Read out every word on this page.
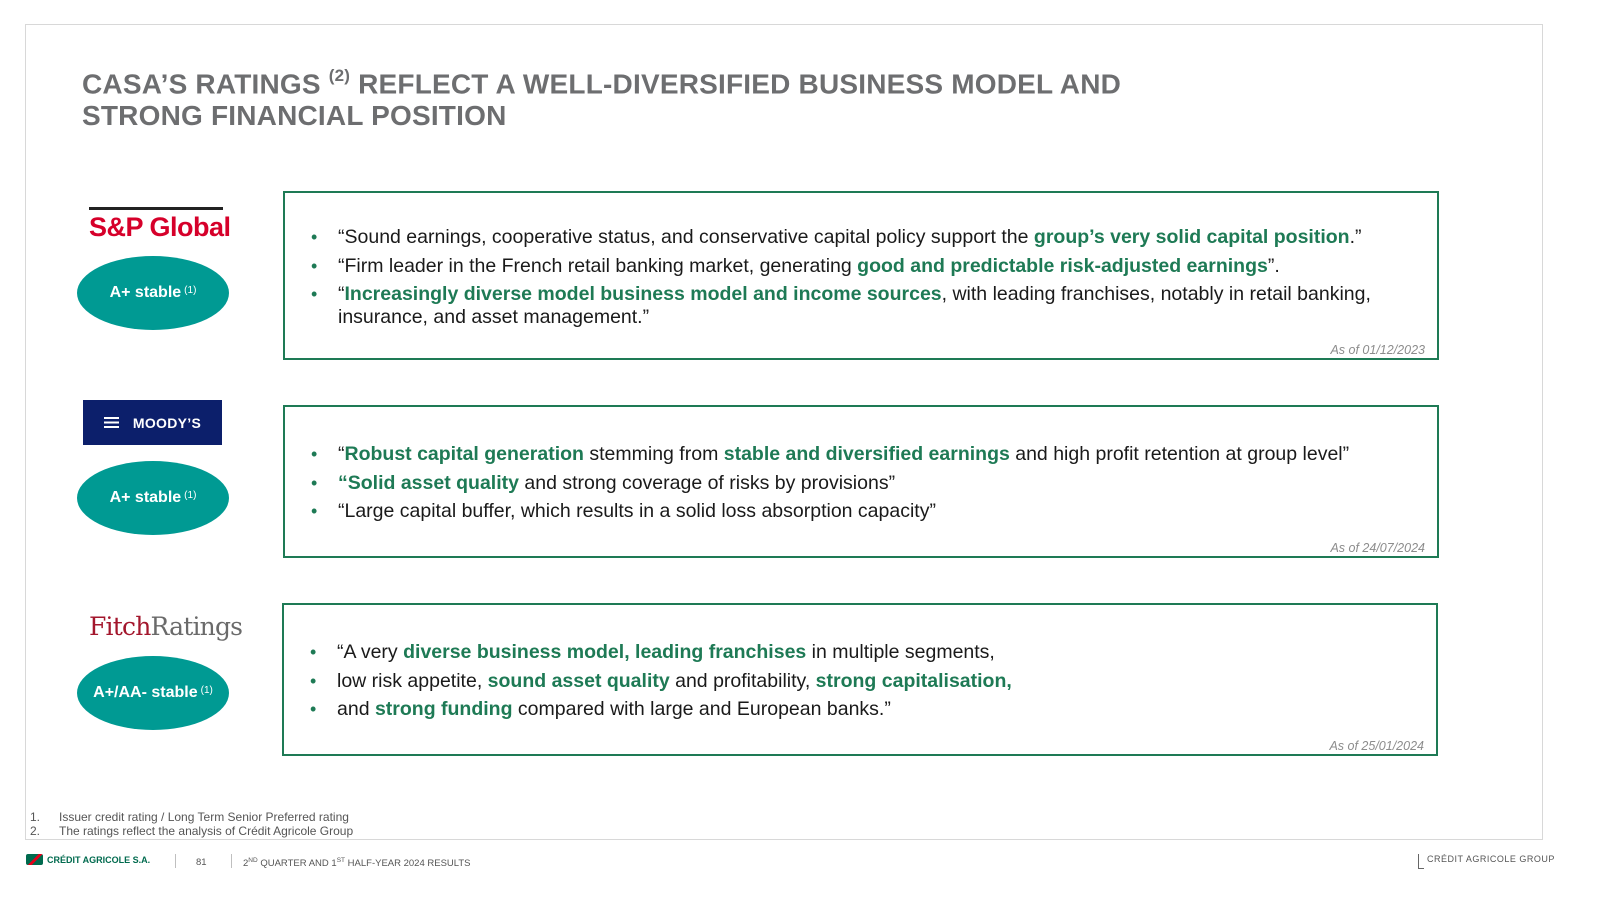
CASA’S RATINGS $^{(2)}$ REFLECT A WELL-DIVERSIFIED BUSINESS MODEL AND
STRONG FINANCIAL POSITION
S&P Global
A+ stable $^{(1)}$
• “Sound earnings, cooperative status, and conservative capital policy support the group’s very solid capital position.”
• “Firm leader in the French retail banking market, generating good and predictable risk-adjusted earnings”.
• “Increasingly diverse model business model and income sources, with leading franchises, notably in retail banking, insurance, and asset management.”
As of 01/12/2023
MOODY’S
A+ stable $^{(1)}$
• “Robust capital generation stemming from stable and diversified earnings and high profit retention at group level”
• “Solid asset quality and strong coverage of risks by provisions”
• “Large capital buffer, which results in a solid loss absorption capacity”
As of 24/07/2024
FitchRatings
A+/AA- stable $^{(1)}$
• “A very diverse business model, leading franchises in multiple segments,
• low risk appetite, sound asset quality and profitability, strong capitalisation,
• and strong funding compared with large and European banks.”
As of 25/01/2024
1. Issuer credit rating / Long Term Senior Preferred rating
2. The ratings reflect the analysis of Crédit Agricole Group
CRÉDIT AGRICOLE S.A.	81	2ND QUARTER AND 1ST HALF-YEAR 2024 RESULTS	CRÉDIT AGRICOLE GROUP
